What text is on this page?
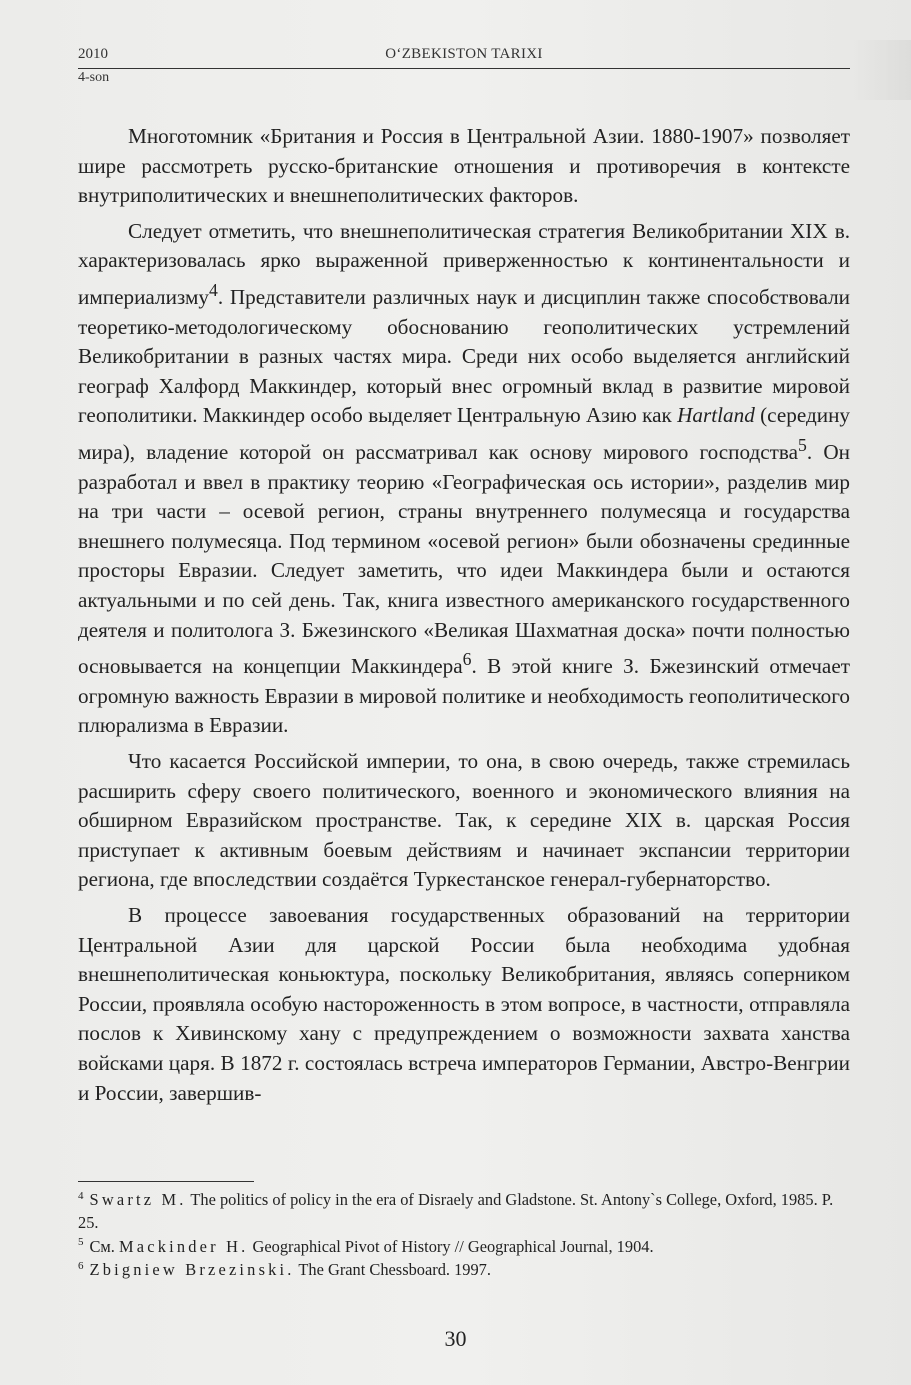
2010	O‘ZBEKISTON TARIXI
4-son

Многотомник «Британия и Россия в Центральной Азии. 1880-1907» позволяет шире рассмотреть русско-британские отношения и противоречия в контексте внутриполитических и внешнеполитических факторов.

Следует отметить, что внешнеполитическая стратегия Великобритании XIX в. характеризовалась ярко выраженной приверженностью к континентальности и империализму$^4$. Представители различных наук и дисциплин также способствовали теоретико-методологическому обоснованию геополитических устремлений Великобритании в разных частях мира. Среди них особо выделяется английский географ Халфорд Маккиндер, который внес огромный вклад в развитие мировой геополитики. Маккиндер особо выделяет Центральную Азию как Hartland (середину мира), владение которой он рассматривал как основу мирового господства$^5$. Он разработал и ввел в практику теорию «Географическая ось истории», разделив мир на три части – осевой регион, страны внутреннего полумесяца и государства внешнего полумесяца. Под термином «осевой регион» были обозначены срединные просторы Евразии. Следует заметить, что идеи Маккиндера были и остаются актуальными и по сей день. Так, книга известного американского государственного деятеля и политолога З. Бжезинского «Великая Шахматная доска» почти полностью основывается на концепции Маккиндера$^6$. В этой книге З. Бжезинский отмечает огромную важность Евразии в мировой политике и необходимость геополитического плюрализма в Евразии.

Что касается Российской империи, то она, в свою очередь, также стремилась расширить сферу своего политического, военного и экономического влияния на обширном Евразийском пространстве. Так, к середине XIX в. царская Россия приступает к активным боевым действиям и начинает экспансии территории региона, где впоследствии создаётся Туркестанское генерал-губернаторство.

В процессе завоевания государственных образований на территории Центральной Азии для царской России была необходима удобная внешнеполитическая коньюктура, поскольку Великобритания, являясь соперником России, проявляла особую настороженность в этом вопросе, в частности, отправляла послов к Хивинскому хану с предупреждением о возможности захвата ханства войсками царя. В 1872 г. состоялась встреча императоров Германии, Австро-Венгрии и России, завершив-

$^4$ Swartz M. The politics of policy in the era of Disraely and Gladstone. St. Antony`s College, Oxford, 1985. P. 25.

$^5$ См. Mackinder H. Geographical Pivot of History // Geographical Journal, 1904.

$^6$ Zbigniew Brzezinski. The Grant Chessboard. 1997.

30
